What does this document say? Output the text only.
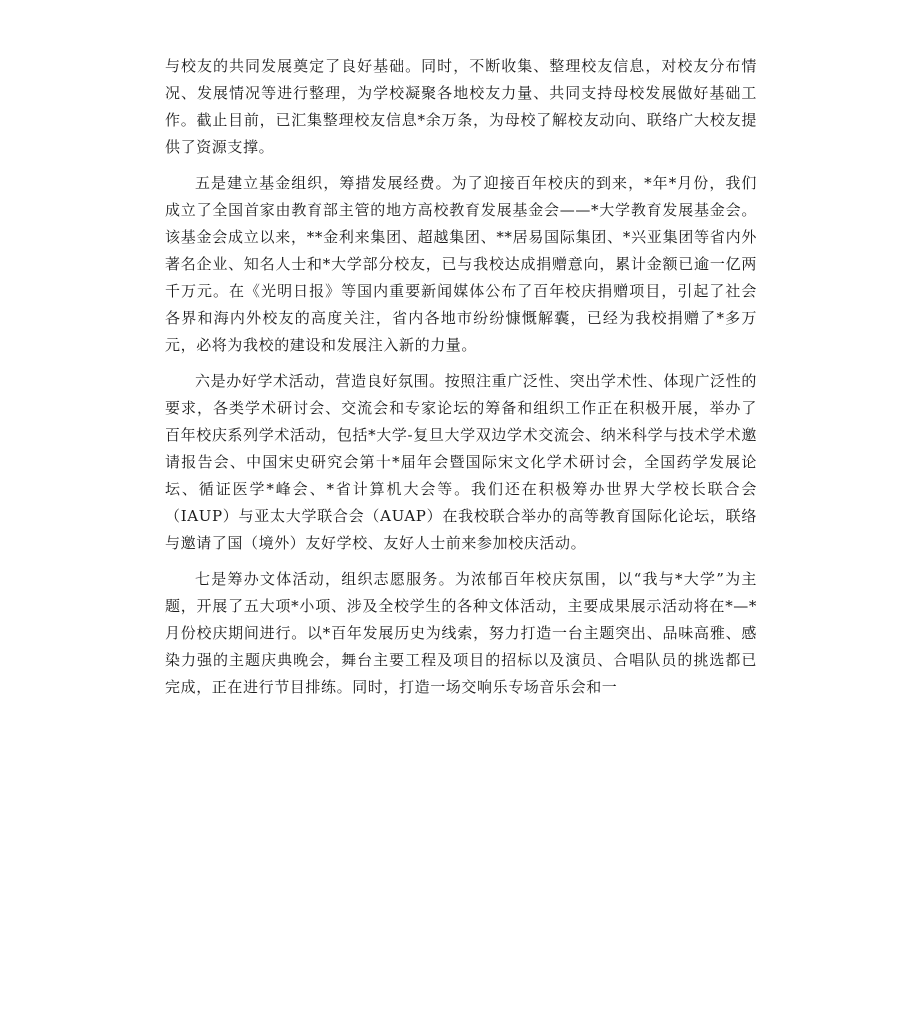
与校友的共同发展奠定了良好基础。同时，不断收集、整理校友信息，对校友分布情况、发展情况等进行整理，为学校凝聚各地校友力量、共同支持母校发展做好基础工作。截止目前，已汇集整理校友信息*余万条，为母校了解校友动向、联络广大校友提供了资源支撑。

五是建立基金组织，筹措发展经费。为了迎接百年校庆的到来，*年*月份，我们成立了全国首家由教育部主管的地方高校教育发展基金会——*大学教育发展基金会。该基金会成立以来，**金利来集团、超越集团、**居易国际集团、*兴亚集团等省内外著名企业、知名人士和*大学部分校友，已与我校达成捐赠意向，累计金额已逾一亿两千万元。在《光明日报》等国内重要新闻媒体公布了百年校庆捐赠项目，引起了社会各界和海内外校友的高度关注，省内各地市纷纷慷慨解囊，已经为我校捐赠了*多万元，必将为我校的建设和发展注入新的力量。

六是办好学术活动，营造良好氛围。按照注重广泛性、突出学术性、体现广泛性的要求，各类学术研讨会、交流会和专家论坛的筹备和组织工作正在积极开展，举办了百年校庆系列学术活动，包括*大学-复旦大学双边学术交流会、纳米科学与技术学术邀请报告会、中国宋史研究会第十*届年会暨国际宋文化学术研讨会，全国药学发展论坛、循证医学*峰会、*省计算机大会等。我们还在积极筹办世界大学校长联合会（IAUP）与亚太大学联合会（AUAP）在我校联合举办的高等教育国际化论坛，联络与邀请了国（境外）友好学校、友好人士前来参加校庆活动。

七是筹办文体活动，组织志愿服务。为浓郁百年校庆氛围，以“我与*大学”为主题，开展了五大项*小项、涉及全校学生的各种文体活动，主要成果展示活动将在*—*月份校庆期间进行。以*百年发展历史为线索，努力打造一台主题突出、品味高雅、感染力强的主题庆典晚会，舞台主要工程及项目的招标以及演员、合唱队员的挑选都已完成，正在进行节目排练。同时，打造一场交响乐专场音乐会和一
